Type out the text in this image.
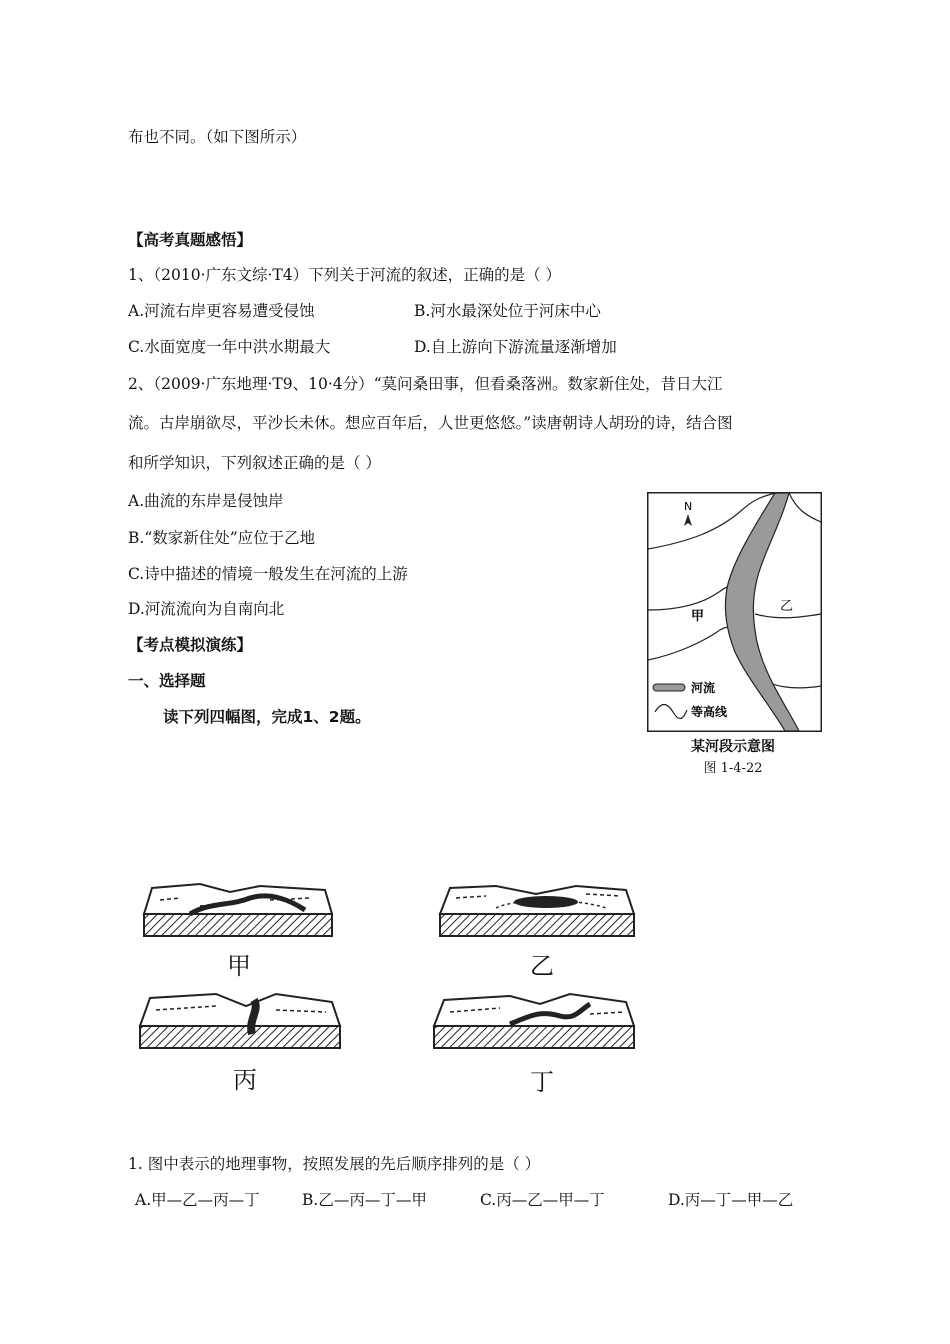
布也不同。（如下图所示）
【高考真题感悟】
1、（2010·广东文综·T4）下列关于河流的叙述，正确的是（ ）
A.河流右岸更容易遭受侵蚀	B.河水最深处位于河床中心
C.水面宽度一年中洪水期最大	D.自上游向下游流量逐渐增加
2、（2009·广东地理·T9、10·4分）“莫问桑田事，但看桑落洲。数家新住处，昔日大江
流。古岸崩欲尽，平沙长未休。想应百年后，人世更悠悠。”读唐朝诗人胡玢的诗，结合图
和所学知识，下列叙述正确的是（ ）
A.曲流的东岸是侵蚀岸
B.“数家新住处”应位于乙地
C.诗中描述的情境一般发生在河流的上游
D.河流流向为自南向北
N
甲
乙
河流
等高线
某河段示意图
图 1-4-22
【考点模拟演练】
一、选择题
读下列四幅图，完成1、2题。
甲	乙
丙	丁
1. 图中表示的地理事物，按照发展的先后顺序排列的是（ ）
A.甲—乙—丙—丁	B.乙—丙—丁—甲	C.丙—乙—甲—丁	D.丙—丁—甲—乙
